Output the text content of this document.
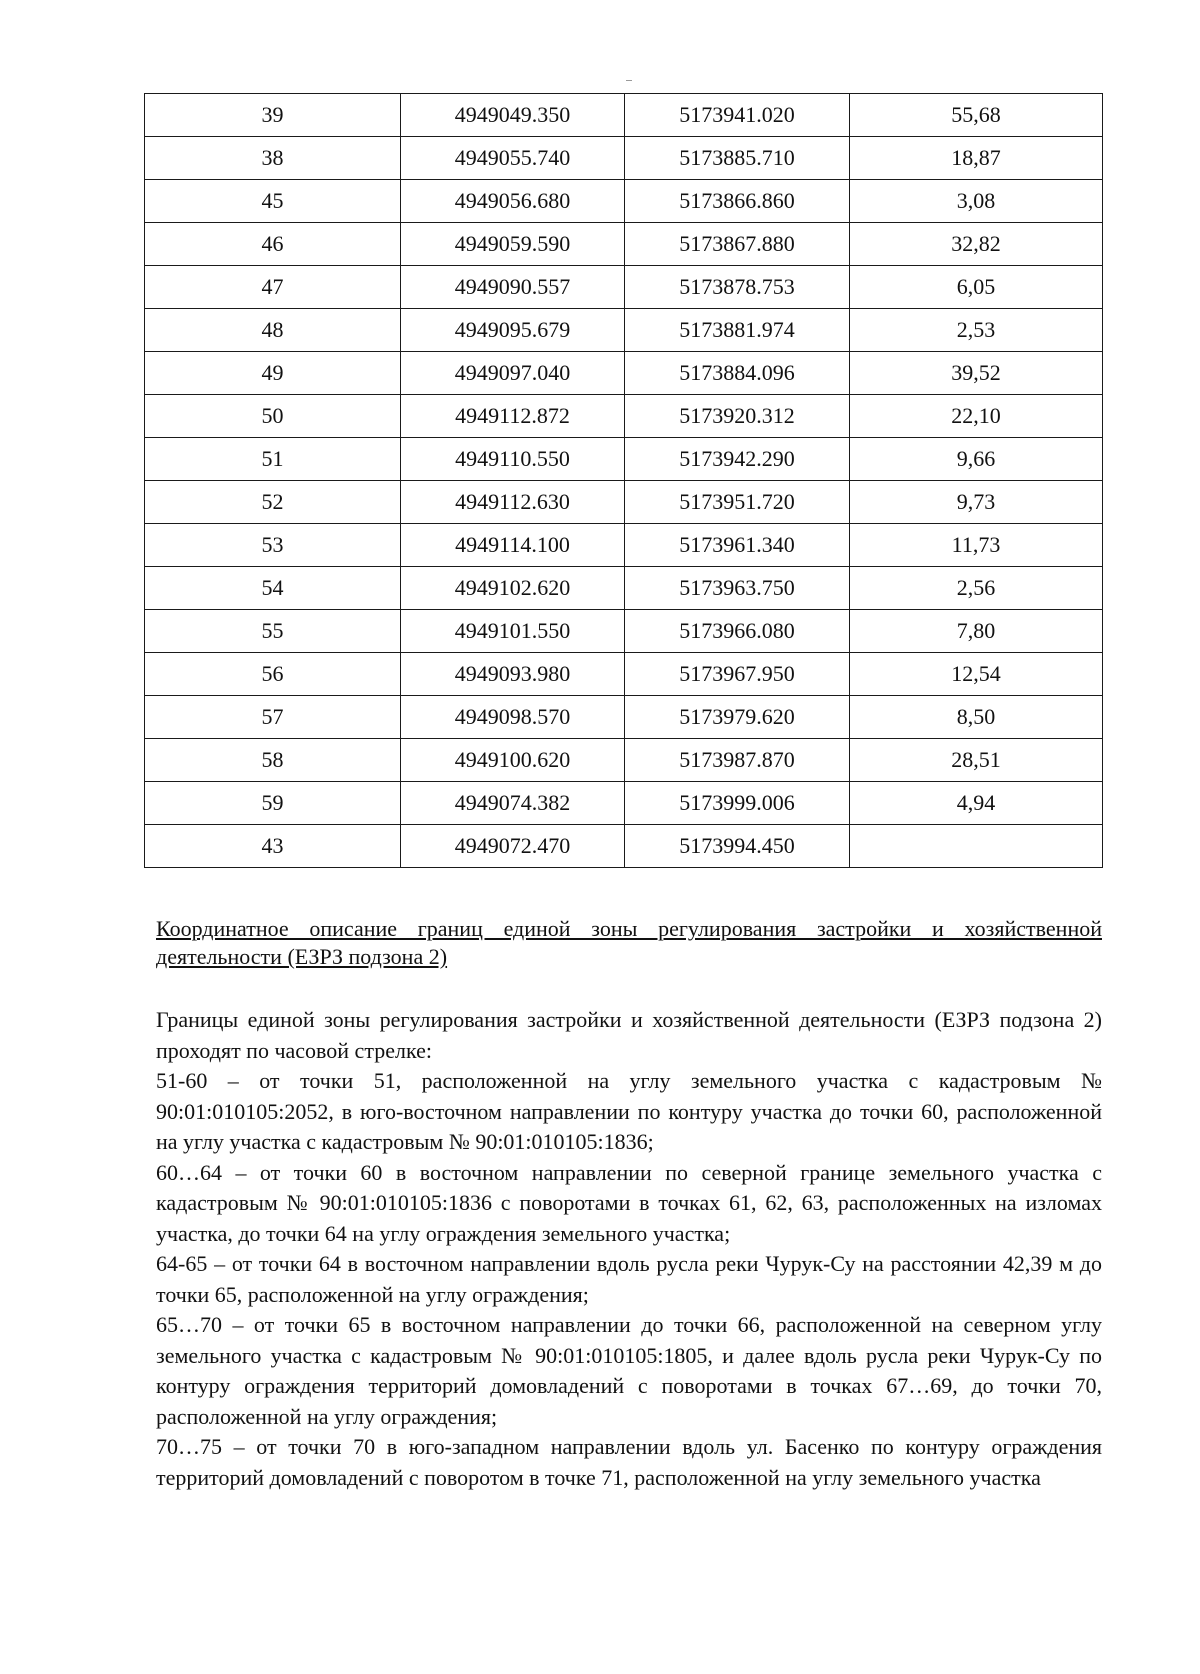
39	4949049.350	5173941.020	55,68
38	4949055.740	5173885.710	18,87
45	4949056.680	5173866.860	3,08
46	4949059.590	5173867.880	32,82
47	4949090.557	5173878.753	6,05
48	4949095.679	5173881.974	2,53
49	4949097.040	5173884.096	39,52
50	4949112.872	5173920.312	22,10
51	4949110.550	5173942.290	9,66
52	4949112.630	5173951.720	9,73
53	4949114.100	5173961.340	11,73
54	4949102.620	5173963.750	2,56
55	4949101.550	5173966.080	7,80
56	4949093.980	5173967.950	12,54
57	4949098.570	5173979.620	8,50
58	4949100.620	5173987.870	28,51
59	4949074.382	5173999.006	4,94
43	4949072.470	5173994.450	
Координатное описание границ единой зоны регулирования застройки и хозяйственной деятельности (ЕЗРЗ подзона 2)

Границы единой зоны регулирования застройки и хозяйственной деятельности (ЕЗРЗ подзона 2) проходят по часовой стрелке:

51-60 – от точки 51, расположенной на углу земельного участка с кадастровым № 90:01:010105:2052, в юго-восточном направлении по контуру участка до точки 60, расположенной на углу участка с кадастровым № 90:01:010105:1836;

60…64 – от точки 60 в восточном направлении по северной границе земельного участка с кадастровым № 90:01:010105:1836 с поворотами в точках 61, 62, 63, расположенных на изломах участка, до точки 64 на углу ограждения земельного участка;

64-65 – от точки 64 в восточном направлении вдоль русла реки Чурук-Су на расстоянии 42,39 м до точки 65, расположенной на углу ограждения;

65…70 – от точки 65 в восточном направлении до точки 66, расположенной на северном углу земельного участка с кадастровым № 90:01:010105:1805, и далее вдоль русла реки Чурук-Су по контуру ограждения территорий домовладений с поворотами в точках 67…69, до точки 70, расположенной на углу ограждения;

70…75 – от точки 70 в юго-западном направлении вдоль ул. Басенко по контуру ограждения территорий домовладений с поворотом в точке 71, расположенной на углу земельного участка
